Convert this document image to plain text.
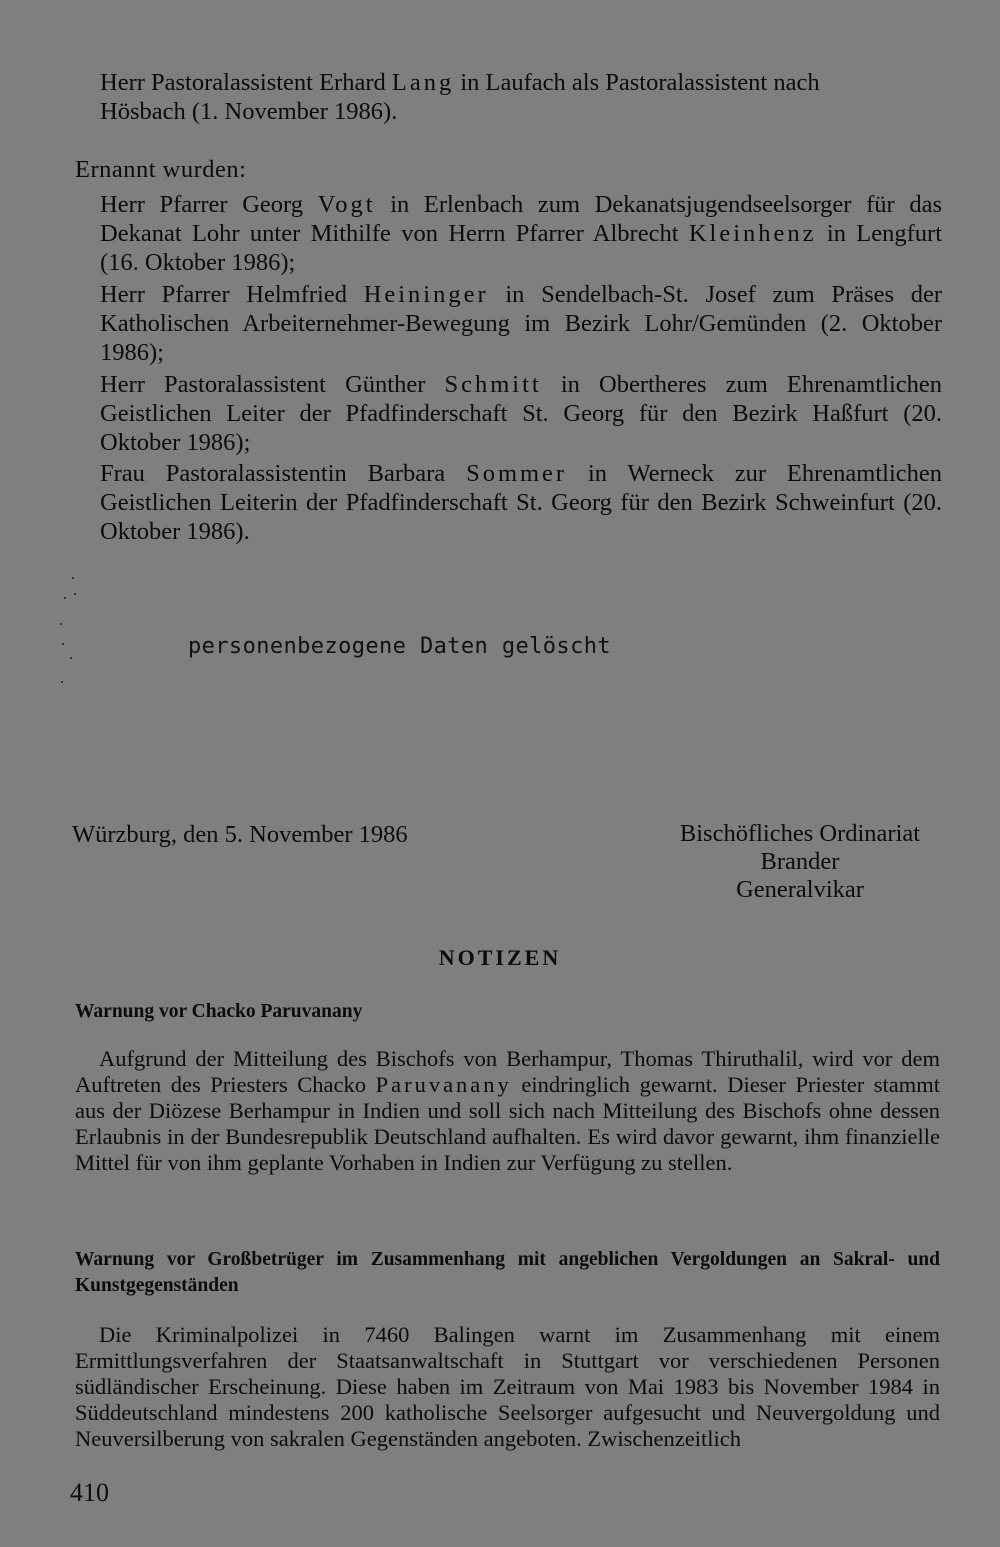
Herr Pastoralassistent Erhard Lang in Laufach als Pastoralassistent nach
Hösbach (1. November 1986).
Ernannt wurden:
Herr Pfarrer Georg Vogt in Erlenbach zum Dekanatsjugendseelsorger für das Dekanat Lohr unter Mithilfe von Herrn Pfarrer Albrecht Kleinhenz in Lengfurt (16. Oktober 1986);
Herr Pfarrer Helmfried Heininger in Sendelbach-St. Josef zum Präses der Katholischen Arbeiternehmer-Bewegung im Bezirk Lohr/Gemünden (2. Oktober 1986);
Herr Pastoralassistent Günther Schmitt in Obertheres zum Ehrenamtlichen Geistlichen Leiter der Pfadfinderschaft St. Georg für den Bezirk Haßfurt (20. Oktober 1986);
Frau Pastoralassistentin Barbara Sommer in Werneck zur Ehrenamtlichen Geistlichen Leiterin der Pfadfinderschaft St. Georg für den Bezirk Schweinfurt (20. Oktober 1986).
personenbezogene Daten gelöscht
Würzburg, den 5. November 1986	Bischöfliches Ordinariat
Brander
Generalvikar
NOTIZEN
Warnung vor Chacko Paruvanany
Aufgrund der Mitteilung des Bischofs von Berhampur, Thomas Thiruthalil, wird vor dem Auftreten des Priesters Chacko Paruvanany eindringlich gewarnt. Dieser Priester stammt aus der Diözese Berhampur in Indien und soll sich nach Mitteilung des Bischofs ohne dessen Erlaubnis in der Bundesrepublik Deutschland aufhalten. Es wird davor gewarnt, ihm finanzielle Mittel für von ihm geplante Vorhaben in Indien zur Verfügung zu stellen.
Warnung vor Großbetrüger im Zusammenhang mit angeblichen Vergoldungen an Sakral- und Kunstgegenständen
Die Kriminalpolizei in 7460 Balingen warnt im Zusammenhang mit einem Ermittlungsverfahren der Staatsanwaltschaft in Stuttgart vor verschiedenen Personen südländischer Erscheinung. Diese haben im Zeitraum von Mai 1983 bis November 1984 in Süddeutschland mindestens 200 katholische Seelsorger aufgesucht und Neuvergoldung und Neuversilberung von sakralen Gegenständen angeboten. Zwischenzeitlich
410
